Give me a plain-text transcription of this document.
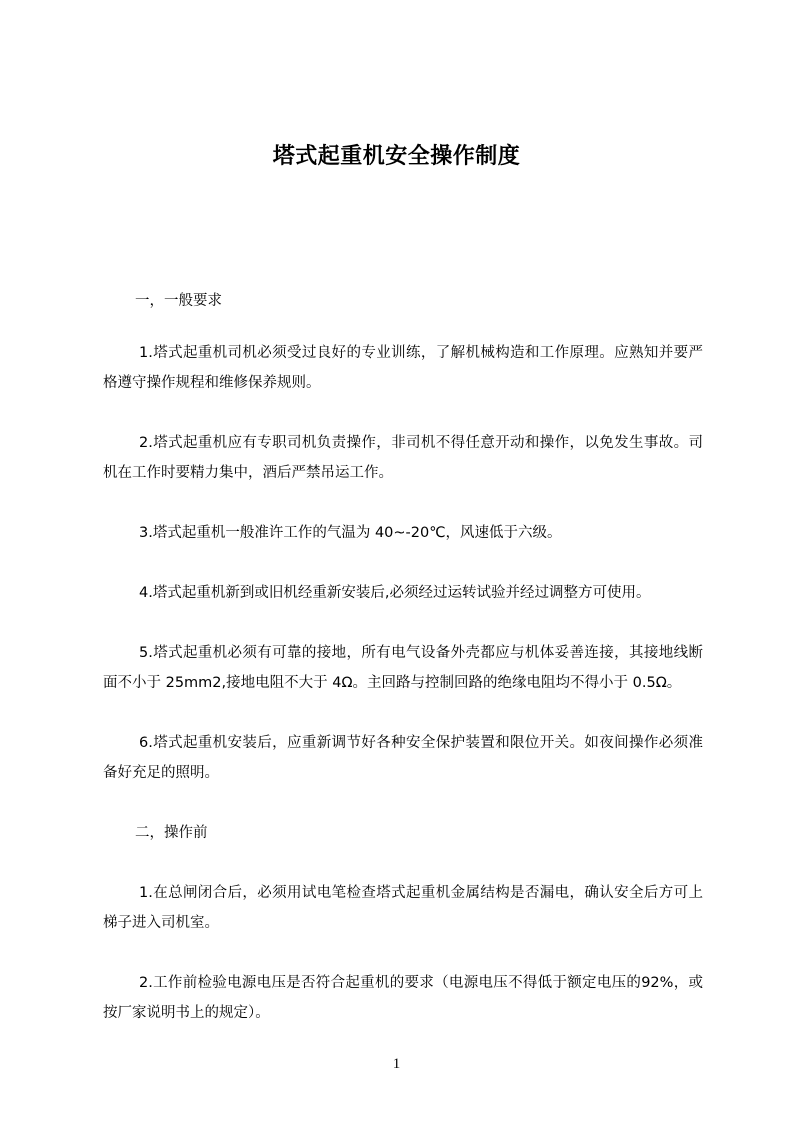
塔式起重机安全操作制度

一，一般要求

1.塔式起重机司机必须受过良好的专业训练，了解机械构造和工作原理。应熟知并要严格遵守操作规程和维修保养规则。

2.塔式起重机应有专职司机负责操作，非司机不得任意开动和操作，以免发生事故。司机在工作时要精力集中，酒后严禁吊运工作。

3.塔式起重机一般准许工作的气温为 40~-20℃，风速低于六级。

4.塔式起重机新到或旧机经重新安装后,必须经过运转试验并经过调整方可使用。

5.塔式起重机必须有可靠的接地，所有电气设备外壳都应与机体妥善连接，其接地线断面不小于 25mm2,接地电阻不大于 4Ω。主回路与控制回路的绝缘电阻均不得小于 0.5Ω。

6.塔式起重机安装后，应重新调节好各种安全保护装置和限位开关。如夜间操作必须准备好充足的照明。

二，操作前

1.在总闸闭合后，必须用试电笔检查塔式起重机金属结构是否漏电，确认安全后方可上梯子进入司机室。

2.工作前检验电源电压是否符合起重机的要求（电源电压不得低于额定电压的92%，或按厂家说明书上的规定）。

1
